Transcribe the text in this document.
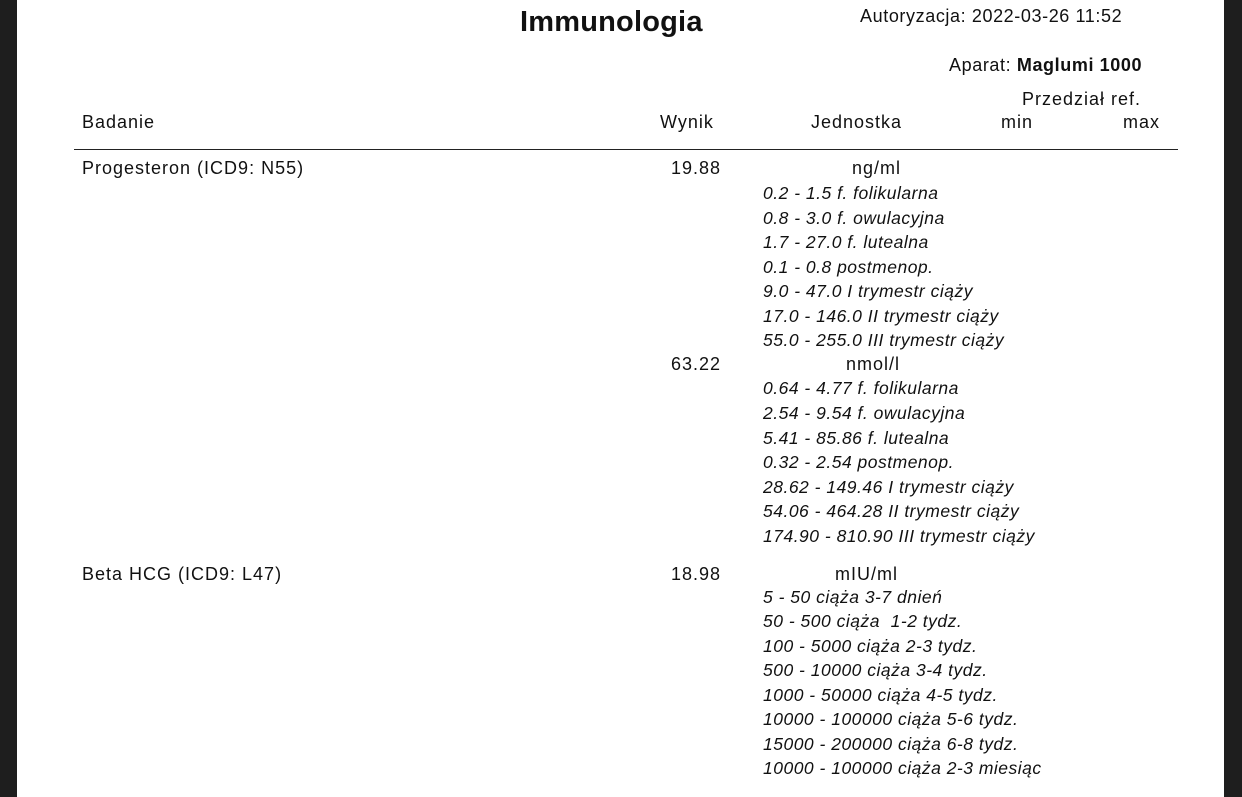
Immunologia	Autoryzacja: 2022-03-26 11:52
Aparat: Maglumi 1000
Przedział ref.
Badanie	Wynik	Jednostka	min	max
Progesteron (ICD9: N55)	19.88	ng/ml
0.2 - 1.5 f. folikularna
0.8 - 3.0 f. owulacyjna
1.7 - 27.0 f. lutealna
0.1 - 0.8 postmenop.
9.0 - 47.0 I trymestr ciąży
17.0 - 146.0 II trymestr ciąży
55.0 - 255.0 III trymestr ciąży
63.22	nmol/l
0.64 - 4.77 f. folikularna
2.54 - 9.54 f. owulacyjna
5.41 - 85.86 f. lutealna
0.32 - 2.54 postmenop.
28.62 - 149.46 I trymestr ciąży
54.06 - 464.28 II trymestr ciąży
174.90 - 810.90 III trymestr ciąży
Beta HCG (ICD9: L47)	18.98	mIU/ml
5 - 50 ciąża 3-7 dnień
50 - 500 ciąża  1-2 tydz.
100 - 5000 ciąża 2-3 tydz.
500 - 10000 ciąża 3-4 tydz.
1000 - 50000 ciąża 4-5 tydz.
10000 - 100000 ciąża 5-6 tydz.
15000 - 200000 ciąża 6-8 tydz.
10000 - 100000 ciąża 2-3 miesiąc
